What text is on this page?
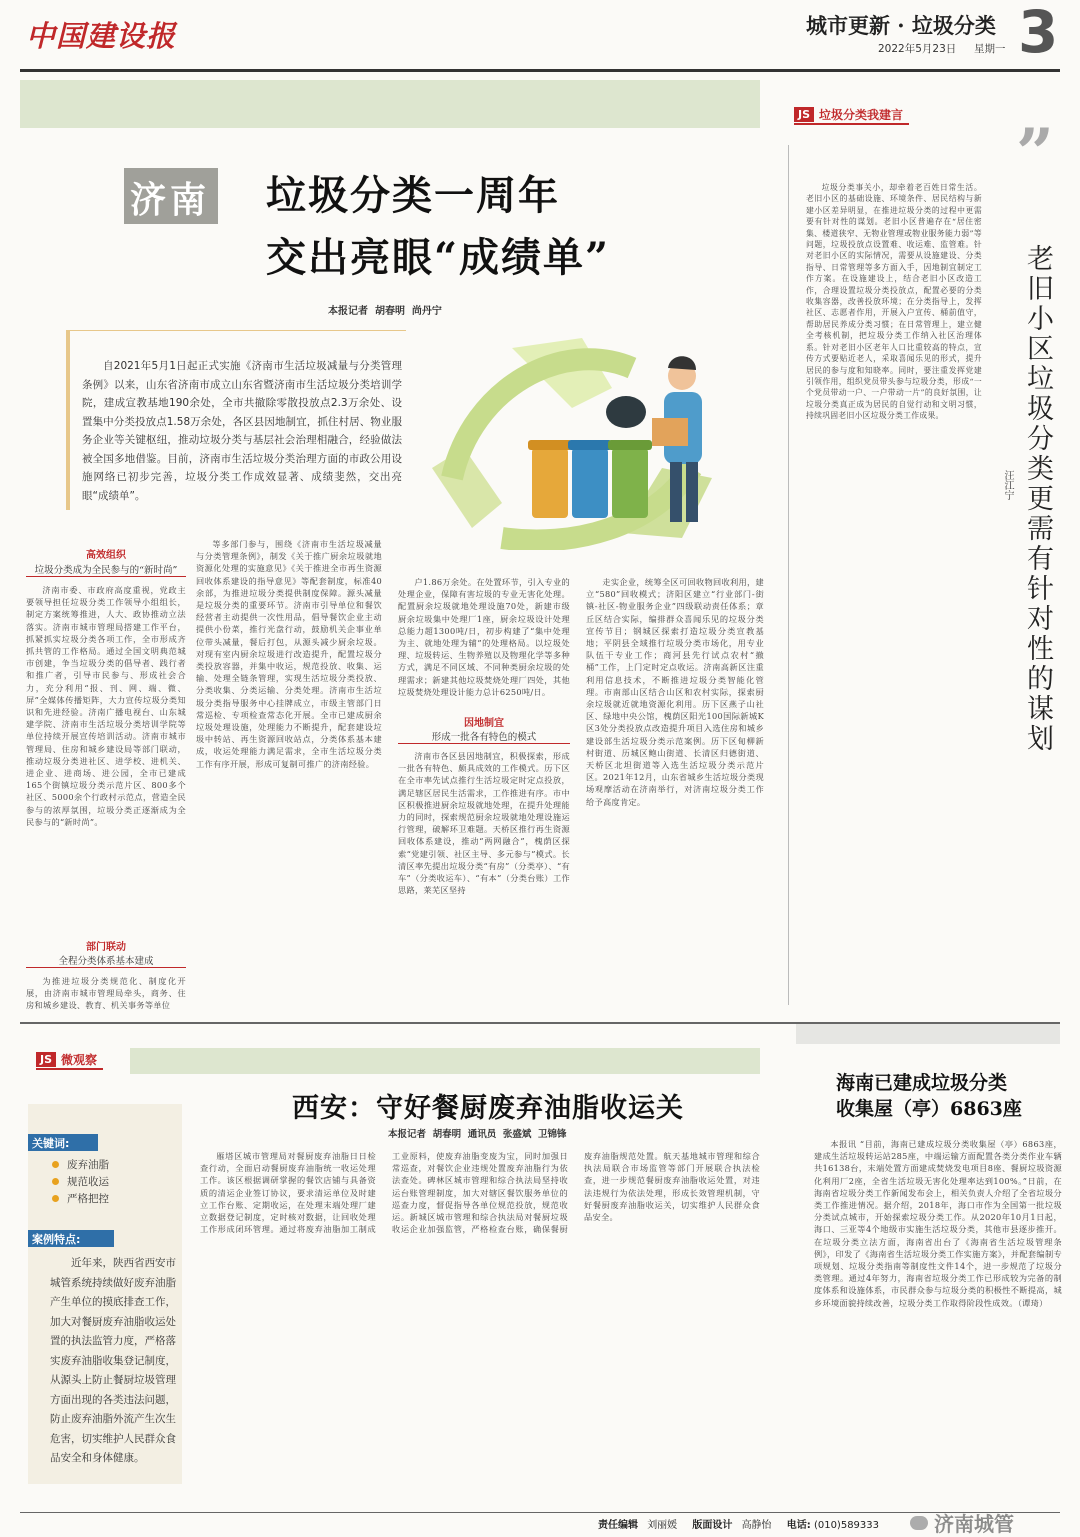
中国建设报	城市更新 · 垃圾分类
2022年5月23日 星期一 3
济南 垃圾分类一周年
交出亮眼“成绩单”
本报记者  胡春明  尚丹宁
自2021年5月1日起正式实施《济南市生活垃圾减量与分类管理条例》以来，山东省济南市成立山东省暨济南市生活垃圾分类培训学院，建成宣教基地190余处，全市共撤除零散投放点2.3万余处、设置集中分类投放点1.58万余处，各区县因地制宜，抓住村居、物业服务企业等关键枢纽，推动垃圾分类与基层社会治理相融合，经验做法被全国多地借鉴。目前，济南市生活垃圾分类治理方面的市政公用设施网络已初步完善，垃圾分类工作成效显著、成绩斐然，交出亮眼“成绩单”。
高效组织
垃圾分类成为全民参与的“新时尚”

济南市委、市政府高度重视，党政主要领导担任垃圾分类工作领导小组组长，制定方案统筹推进，人大、政协推动立法落实。济南市城市管理局搭建工作平台，抓紧抓实垃圾分类各项工作，全市形成齐抓共管的工作格局。通过全国文明典范城市创建，争当垃圾分类的倡导者、践行者和推广者，引导市民参与、形成社会合力，充分利用“报、刊、网、端、微、屏”全媒体传播矩阵，大力宣传垃圾分类知识和先进经验。济南广播电视台、山东城建学院、济南市生活垃圾分类培训学院等单位持续开展宣传培训活动。济南市城市管理局、住房和城乡建设局等部门联动，推动垃圾分类进社区、进学校、进机关、进企业、进商场、进公园，全市已建成165个街镇垃圾分类示范片区、800多个社区、5000余个行政村示范点，营造全民参与的浓厚氛围，垃圾分类正逐渐成为全民参与的“新时尚”。

部门联动
全程分类体系基本建成

为推进垃圾分类规范化、制度化开展，由济南市城市管理局牵头，商务、住房和城乡建设、教育、机关事务等单位

等多部门参与，围绕《济南市生活垃圾减量与分类管理条例》，制发《关于推广厨余垃圾就地资源化处理的实施意见》《关于推进全市再生资源回收体系建设的指导意见》等配套制度，标准40余部，为推进垃圾分类提供制度保障。源头减量是垃圾分类的重要环节。济南市引导单位和餐饮经营者主动提供一次性用品，倡导餐饮企业主动提供小份菜，推行光盘行动，鼓励机关企事业单位带头减量，餐后打包，从源头减少厨余垃圾。对现有室内厨余垃圾进行改造提升，配置垃圾分类投放容器，并集中收运，规范投放、收集、运输、处理全链条管理，实现生活垃圾分类投放、分类收集、分类运输、分类处理。济南市生活垃圾分类指导服务中心挂牌成立，市级主管部门日常巡检、专项检查常态化开展。全市已建成厨余垃圾处理设施，处理能力不断提升，配套建设垃圾中转站、再生资源回收站点，分类体系基本建成，收运处理能力满足需求，全市生活垃圾分类工作有序开展，形成可复制可推广的济南经验。

户1.86万余处。在处置环节，引入专业的处理企业，保障有害垃圾的专业无害化处理。配置厨余垃圾就地处理设施70处，新建市级厨余垃圾集中处理厂1座，厨余垃圾设计处理总能力超1300吨/日，初步构建了“集中处理为主、就地处理为辅”的处理格局。以垃圾处理、垃圾转运、生物养殖以及物理化学等多种方式，满足不同区域、不同种类厨余垃圾的处理需求；新建其他垃圾焚烧处理厂四处，其他垃圾焚烧处理设计能力总计6250吨/日。

因地制宜
形成一批各有特色的模式

济南市各区县因地制宜，积极探索，形成一批各有特色、颇具成效的工作模式。历下区在全市率先试点推行生活垃圾定时定点投放，满足辖区居民生活需求，工作推进有序。市中区积极推进厨余垃圾就地处理，在提升处理能力的同时，探索规范厨余垃圾就地处理设施运行管理，破解环卫难题。天桥区推行再生资源回收体系建设，推动“两网融合”，槐荫区探索“党建引领、社区主导、多元参与”模式。长清区率先提出垃圾分类“有房”（分类亭）、“有车”（分类收运车）、“有本”（分类台账）工作思路，莱芜区坚持

走实企业，统筹全区可回收物回收利用，建立“580”回收模式；济阳区建立“行业部门-街镇-社区-物业服务企业”四级联动责任体系；章丘区结合实际，编排群众喜闻乐见的垃圾分类宣传节目；钢城区探索打造垃圾分类宣教基地；平阴县全域推行垃圾分类市场化，用专业队伍干专业工作；商河县先行试点农村“撤桶”工作，上门定时定点收运。济南高新区注重利用信息技术，不断推进垃圾分类智能化管理。市南部山区结合山区和农村实际，探索厨余垃圾就近就地资源化利用。历下区燕子山社区、绿地中央公馆，槐荫区阳光100国际新城K区3处分类投放点改造提升项目入选住房和城乡建设部生活垃圾分类示范案例。历下区甸柳新村街道、历城区鲍山街道、长清区归德街道、天桥区北坦街道等入选生活垃圾分类示范片区。2021年12月，山东省城乡生活垃圾分类现场观摩活动在济南举行，对济南垃圾分类工作给予高度肯定。

JS 垃圾分类我建言 ”

垃圾分类事关小，却牵着老百姓日常生活。老旧小区的基础设施、环境条件、居民结构与新建小区差异明显，在推进垃圾分类的过程中更需要有针对性的谋划。老旧小区普遍存在“居住密集、楼道狭窄、无物业管理或物业服务能力弱”等问题，垃圾投放点设置难、收运难、监管难。针对老旧小区的实际情况，需要从设施建设、分类指导、日常管理等多方面入手，因地制宜制定工作方案。在设施建设上，结合老旧小区改造工作，合理设置垃圾分类投放点，配置必要的分类收集容器，改善投放环境；在分类指导上，发挥社区、志愿者作用，开展入户宣传、桶前值守，帮助居民养成分类习惯；在日常管理上，建立健全考核机制，把垃圾分类工作纳入社区治理体系。针对老旧小区老年人口比重较高的特点，宣传方式要贴近老人，采取喜闻乐见的形式，提升居民的参与度和知晓率。同时，要注重发挥党建引领作用，组织党员带头参与垃圾分类，形成“一个党员带动一户、一户带动一片”的良好氛围，让垃圾分类真正成为居民的自觉行动和文明习惯，持续巩固老旧小区垃圾分类工作成果。	老旧小区垃圾分类更需有针对性的谋划
汪江宁
JS 微观察
关键词:
废弃油脂
规范收运
严格把控
案例特点:
近年来，陕西省西安市城管系统持续做好废弃油脂产生单位的摸底排查工作，加大对餐厨废弃油脂收运处置的执法监管力度，严格落实废弃油脂收集登记制度，从源头上防止餐厨垃圾管理方面出现的各类违法问题，防止废弃油脂外流产生次生危害，切实维护人民群众食品安全和身体健康。
西安：守好餐厨废弃油脂收运关
本报记者  胡春明  通讯员  张盛斌  卫锦锋

雁塔区城市管理局对餐厨废弃油脂日日检查行动，全面启动餐厨废弃油脂统一收运处理工作。该区根据调研掌握的餐饮店铺与具备资质的清运企业签订协议，要求清运单位及时建立工作台账、定期收运，在处理末端处理厂建立数据登记制度，定时核对数据，让回收处理工作形成闭环管理。通过将废弃油脂加工制成工业原料，使废弃油脂变废为宝，同时加强日常巡查，对餐饮企业违规处置废弃油脂行为依法查处。碑林区城市管理和综合执法局坚持收运台账管理制度，加大对辖区餐饮服务单位的巡查力度，督促指导各单位规范投放，规范收运。新城区城市管理和综合执法局对餐厨垃圾收运企业加强监管，严格检查台账，确保餐厨废弃油脂规范处置。航天基地城市管理和综合执法局联合市场监管等部门开展联合执法检查，进一步规范餐厨废弃油脂收运处置，对违法违规行为依法处理，形成长效管理机制，守好餐厨废弃油脂收运关，切实维护人民群众食品安全。

海南已建成垃圾分类
收集屋（亭）6863座

本报讯 “目前，海南已建成垃圾分类收集屋（亭）6863座，建成生活垃圾转运站285座，中端运输方面配置各类分类作业车辆共16138台，末端处置方面建成焚烧发电项目8座、餐厨垃圾资源化利用厂2座，全省生活垃圾无害化处理率达到100%。”日前，在海南省垃圾分类工作新闻发布会上，相关负责人介绍了全省垃圾分类工作推进情况。据介绍，2018年，海口市作为全国第一批垃圾分类试点城市，开始探索垃圾分类工作。从2020年10月1日起，海口、三亚等4个地级市实施生活垃圾分类，其他市县逐步推开。在垃圾分类立法方面，海南省出台了《海南省生活垃圾管理条例》，印发了《海南省生活垃圾分类工作实施方案》，并配套编制专项规划、垃圾分类指南等制度性文件14个，进一步规范了垃圾分类管理。通过4年努力，海南省垃圾分类工作已形成较为完备的制度体系和设施体系，市民群众参与垃圾分类的积极性不断提高，城乡环境面貌持续改善，垃圾分类工作取得阶段性成效。（谭琦）

责任编辑 刘丽媛 版面设计 高静怡 电话: (010)589333	济南城管
